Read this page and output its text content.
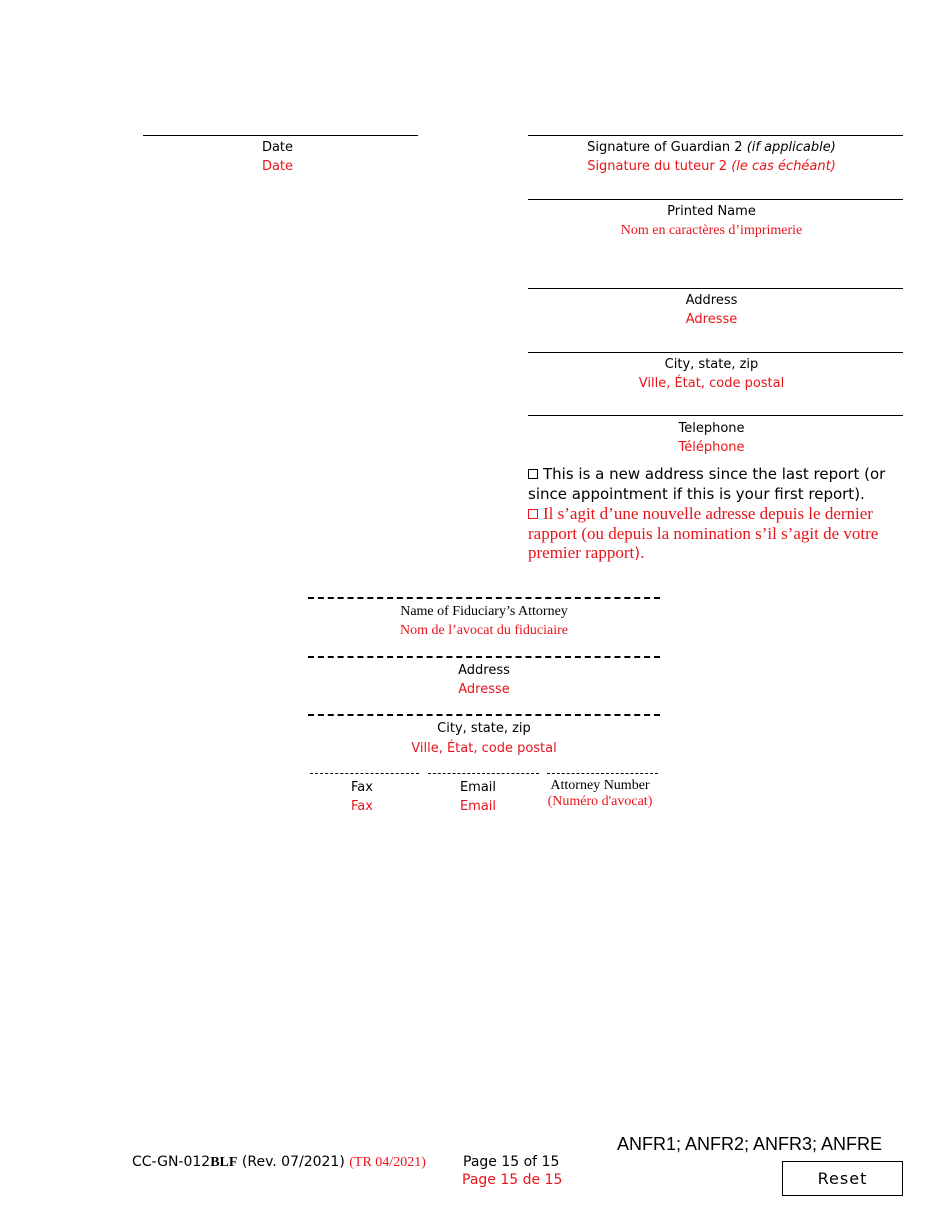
Date
Date
Signature of Guardian 2 (if applicable)
Signature du tuteur 2 (le cas échéant)
Printed Name
Nom en caractères d’imprimerie
Address
Adresse
City, state, zip
Ville, État, code postal
Telephone
Téléphone
This is a new address since the last report (or since appointment if this is your first report).
Il s’agit d’une nouvelle adresse depuis le dernier rapport (ou depuis la nomination s’il s’agit de votre premier rapport).
Name of Fiduciary’s Attorney
Nom de l’avocat du fiduciaire
Address
Adresse
City, state, zip
Ville, État, code postal
Fax
Fax
Email
Email
Attorney Number
(Numéro d'avocat)
CC-GN-012BLF (Rev. 07/2021) (TR 04/2021)	Page 15 of 15
Page 15 de 15
ANFR1; ANFR2; ANFR3; ANFRE
Reset
